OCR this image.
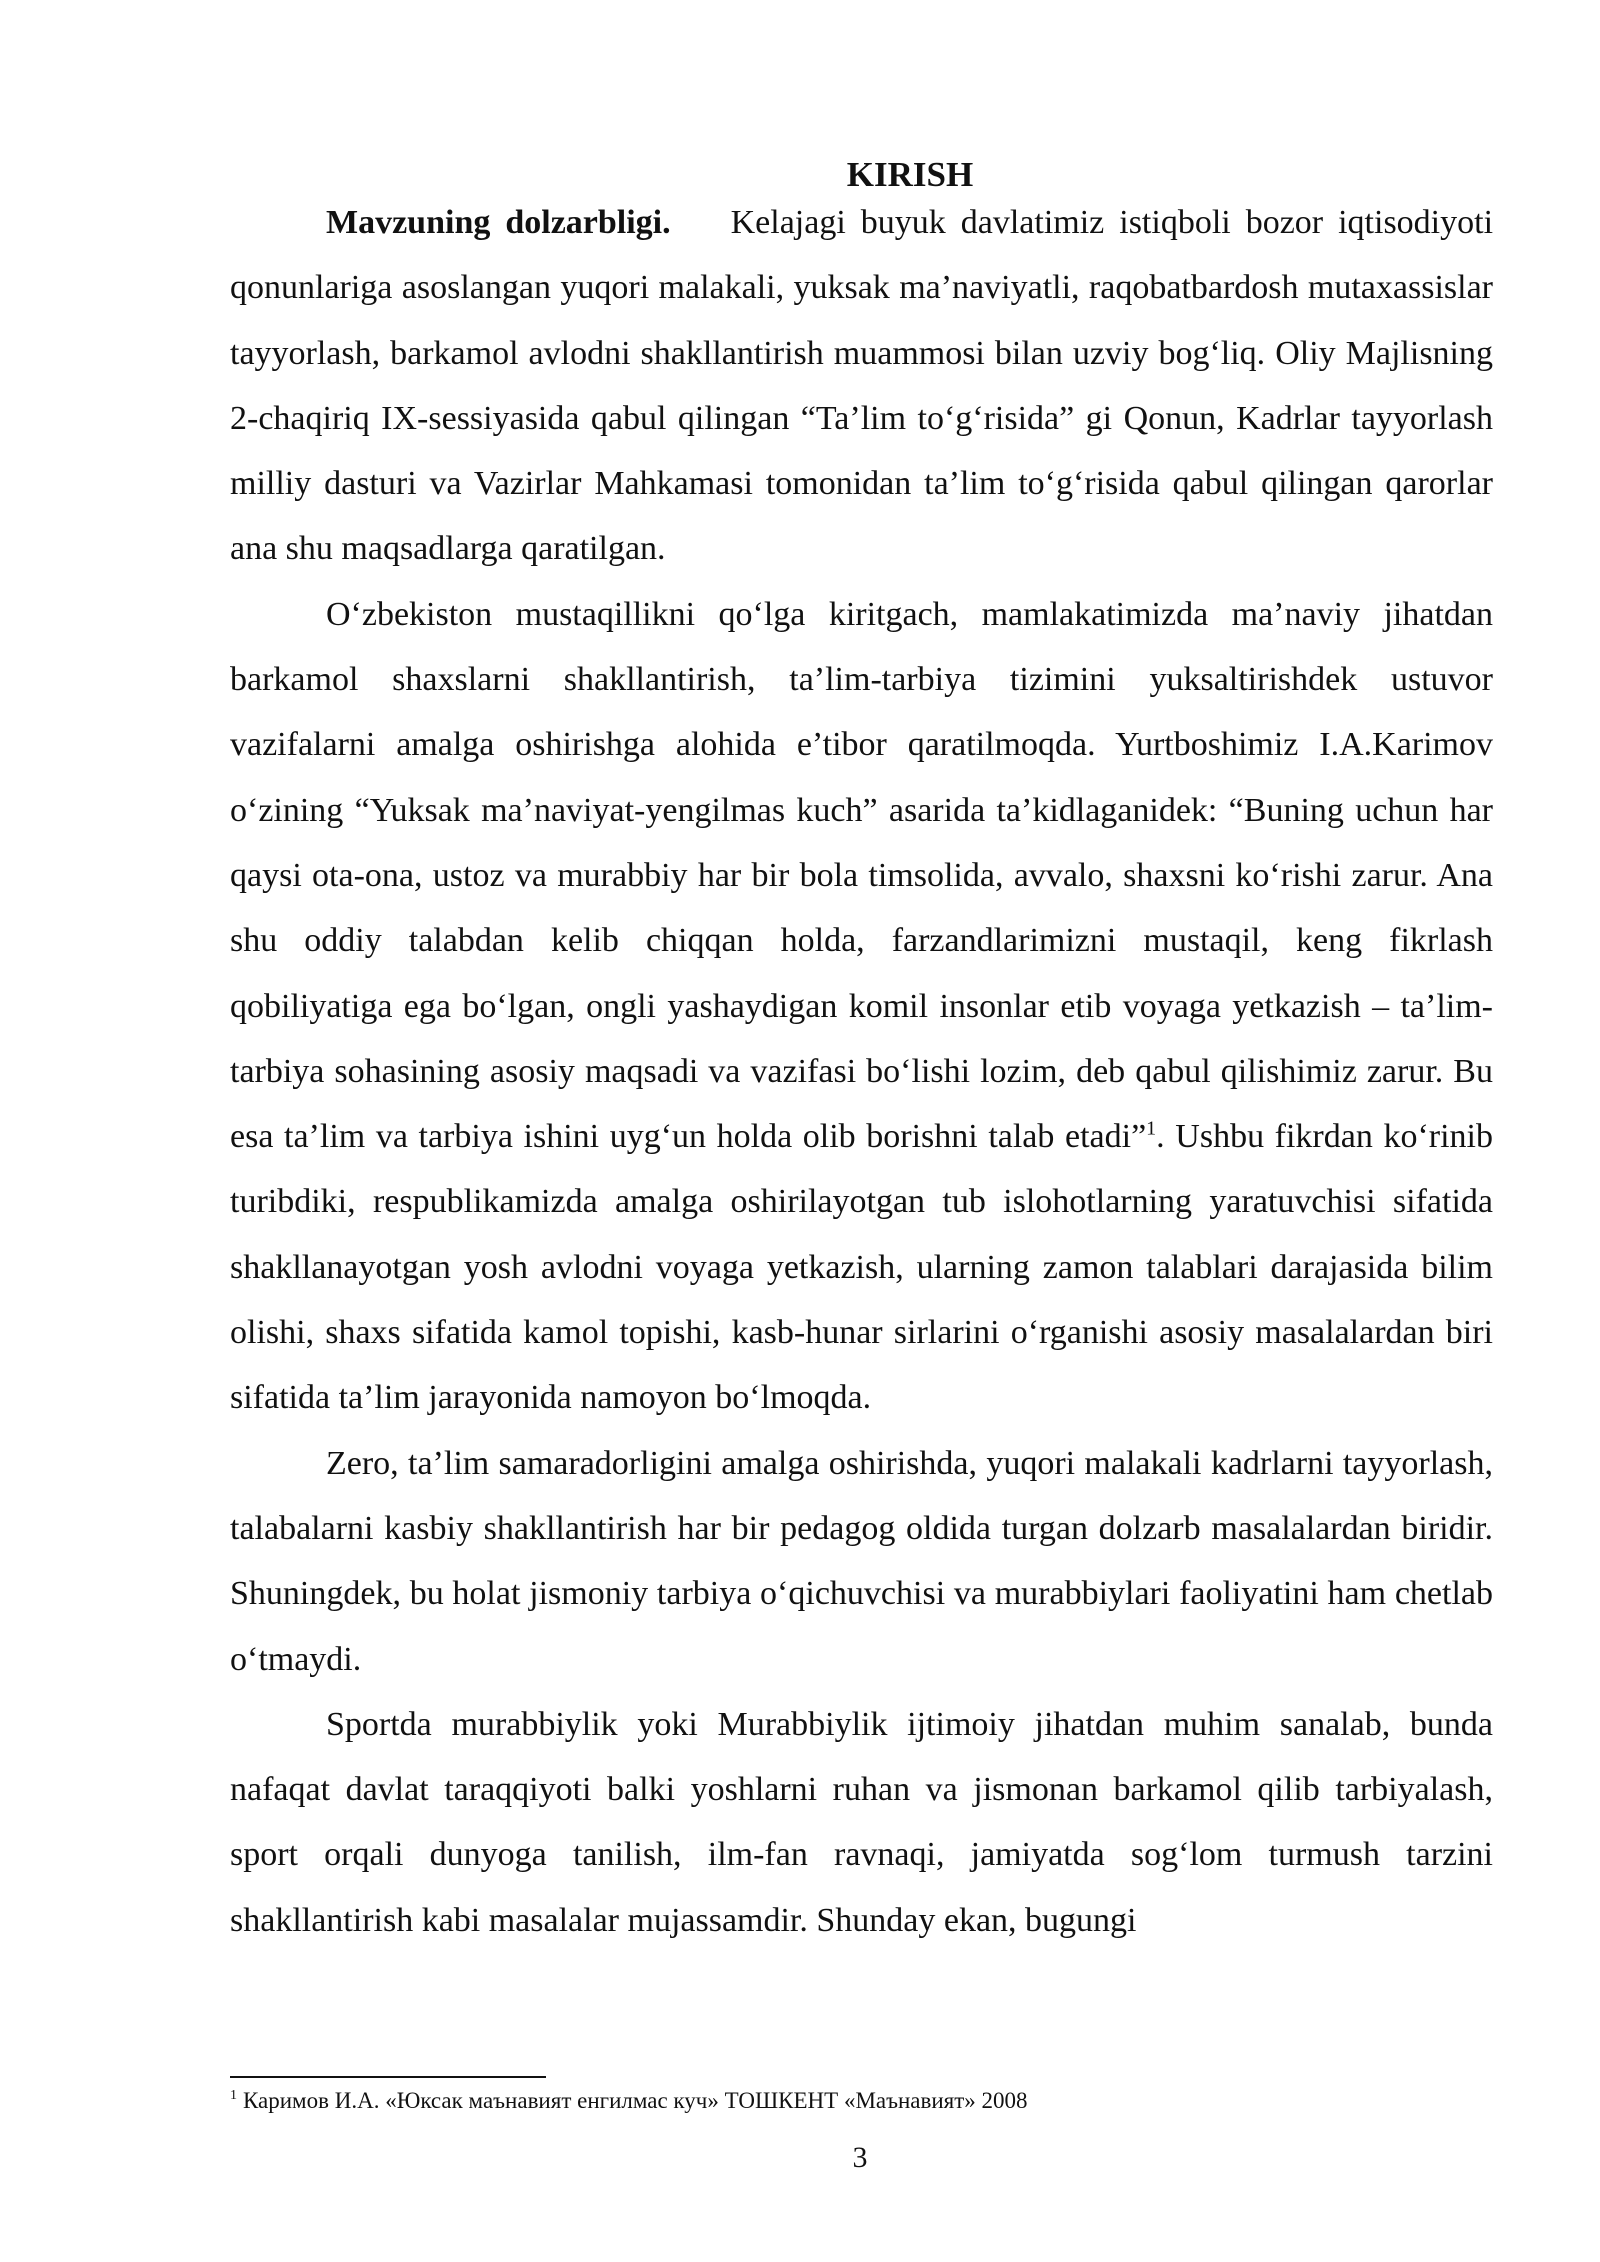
KIRISH

Mavzuning dolzarbligi. Kelajagi buyuk davlatimiz istiqboli bozor iqtisodiyoti qonunlariga asoslangan yuqori malakali, yuksak ma’naviyatli, raqobatbardosh mutaxassislar tayyorlash, barkamol avlodni shakllantirish muammosi bilan uzviy bog‘liq. Oliy Majlisning 2-chaqiriq IX-sessiyasida qabul qilingan “Ta’lim to‘g‘risida” gi Qonun, Kadrlar tayyorlash milliy dasturi va Vazirlar Mahkamasi tomonidan ta’lim to‘g‘risida qabul qilingan qarorlar ana shu maqsadlarga qaratilgan.

O‘zbekiston mustaqillikni qo‘lga kiritgach, mamlakatimizda ma’naviy jihatdan barkamol shaxslarni shakllantirish, ta’lim-tarbiya tizimini yuksaltirishdek ustuvor vazifalarni amalga oshirishga alohida e’tibor qaratilmoqda. Yurtboshimiz I.A.Karimov o‘zining “Yuksak ma’naviyat-yengilmas kuch” asarida ta’kidlaganidek: “Buning uchun har qaysi ota-ona, ustoz va murabbiy har bir bola timsolida, avvalo, shaxsni ko‘rishi zarur. Ana shu oddiy talabdan kelib chiqqan holda, farzandlarimizni mustaqil, keng fikrlash qobiliyatiga ega bo‘lgan, ongli yashaydigan komil insonlar etib voyaga yetkazish – ta’lim-tarbiya sohasining asosiy maqsadi va vazifasi bo‘lishi lozim, deb qabul qilishimiz zarur. Bu esa ta’lim va tarbiya ishini uyg‘un holda olib borishni talab etadi”$^1$. Ushbu fikrdan ko‘rinib turibdiki, respublikamizda amalga oshirilayotgan tub islohotlarning yaratuvchisi sifatida shakllanayotgan yosh avlodni voyaga yetkazish, ularning zamon talablari darajasida bilim olishi, shaxs sifatida kamol topishi, kasb-hunar sirlarini o‘rganishi asosiy masalalardan biri sifatida ta’lim jarayonida namoyon bo‘lmoqda.

Zero, ta’lim samaradorligini amalga oshirishda, yuqori malakali kadrlarni tayyorlash, talabalarni kasbiy shakllantirish har bir pedagog oldida turgan dolzarb masalalardan biridir. Shuningdek, bu holat jismoniy tarbiya o‘qichuvchisi va murabbiylari faoliyatini ham chetlab o‘tmaydi.

Sportda murabbiylik yoki Murabbiylik ijtimoiy jihatdan muhim sanalab, bunda nafaqat davlat taraqqiyoti balki yoshlarni ruhan va jismonan barkamol qilib tarbiyalash, sport orqali dunyoga tanilish, ilm-fan ravnaqi, jamiyatda sog‘lom turmush tarzini shakllantirish kabi masalalar mujassamdir. Shunday ekan, bugungi

$^1$ Каримов И.А. «Юксак маънавият енгилмас куч» ТОШКЕНТ «Маънавият» 2008
3
